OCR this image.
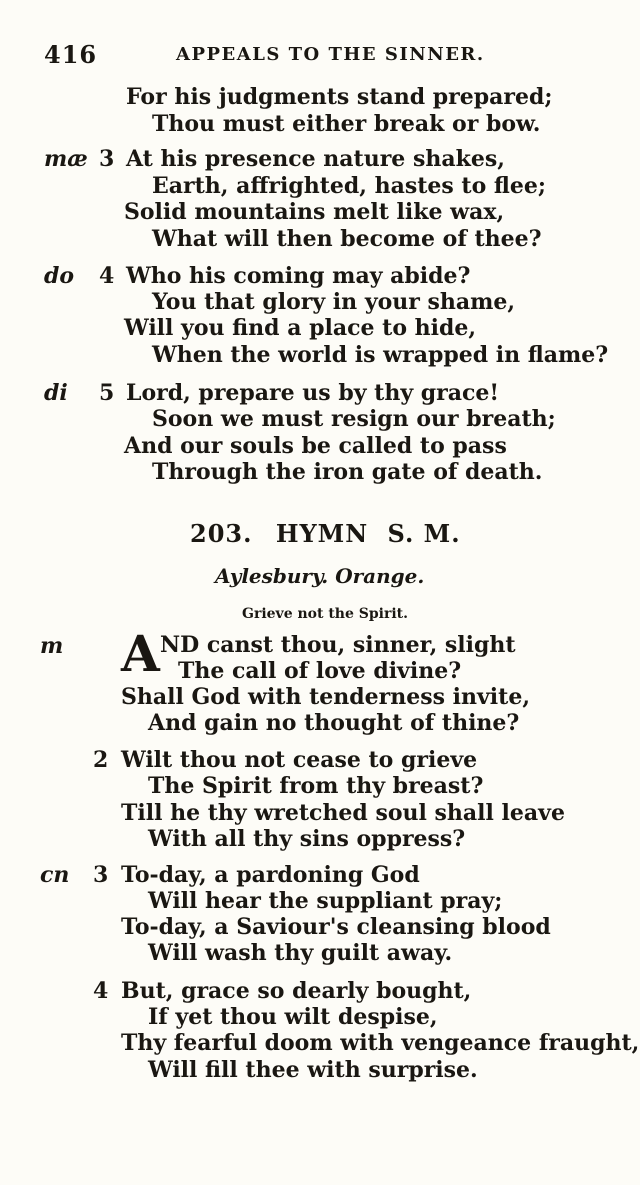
416	APPEALS TO THE SINNER.
For his judgments stand prepared;
Thou must either break or bow.
mæ 3 At his presence nature shakes,
Earth, affrighted, hastes to flee;
Solid mountains melt like wax,
What will then become of thee?
do 4 Who his coming may abide?
You that glory in your shame,
Will you find a place to hide,
When the world is wrapped in flame?
di 5 Lord, prepare us by thy grace!
Soon we must resign our breath;
And our souls be called to pass
Through the iron gate of death.
203. HYMN S. M.
Aylesbury. Orange.
Grieve not the Spirit.
m A ND canst thou, sinner, slight
The call of love divine?
Shall God with tenderness invite,
And gain no thought of thine?
2 Wilt thou not cease to grieve
The Spirit from thy breast?
Till he thy wretched soul shall leave
With all thy sins oppress?
cn 3 To-day, a pardoning God
Will hear the suppliant pray;
To-day, a Saviour's cleansing blood
Will wash thy guilt away.
4 But, grace so dearly bought,
If yet thou wilt despise,
Thy fearful doom with vengeance fraught,
Will fill thee with surprise.
